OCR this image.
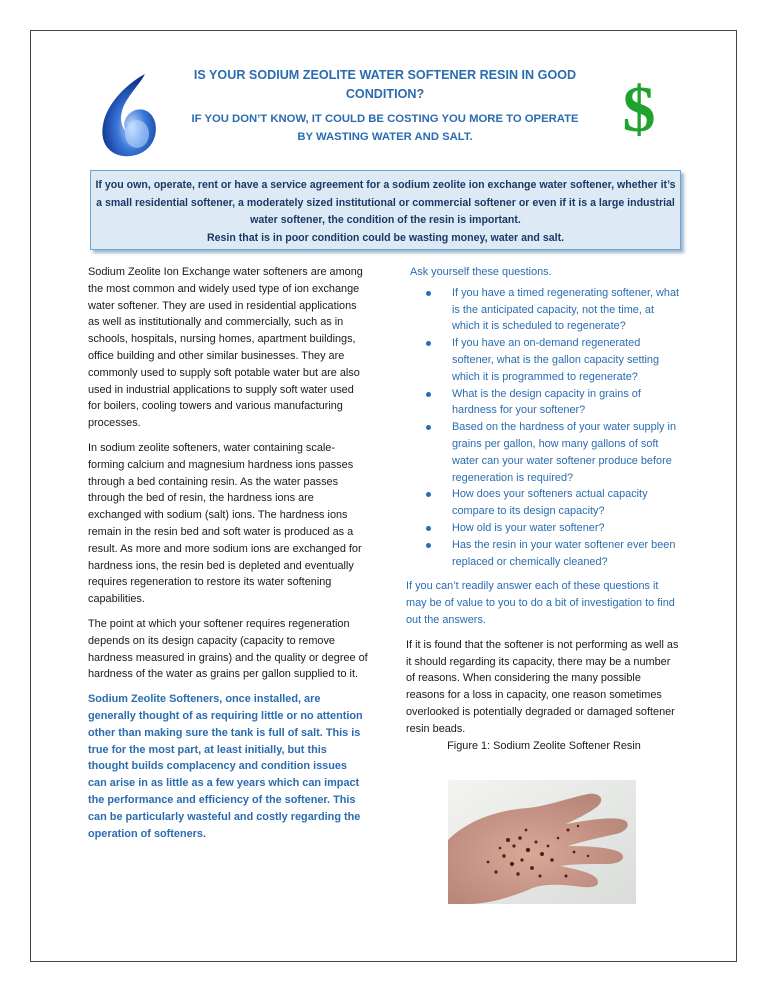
$
IS YOUR SODIUM ZEOLITE WATER SOFTENER RESIN IN GOOD CONDITION?
IF YOU DON’T KNOW, IT COULD BE COSTING YOU MORE TO OPERATE BY WASTING WATER AND SALT.

If you own, operate, rent or have a service agreement for a sodium zeolite ion exchange water softener, whether it’s a small residential softener, a moderately sized institutional or commercial softener or even if it is a large industrial water softener, the condition of the resin is important.

Resin that is in poor condition could be wasting money, water and salt.

Sodium Zeolite Ion Exchange water softeners are among the most common and widely used type of ion exchange water softener. They are used in residential applications as well as institutionally and commercially, such as in schools, hospitals, nursing homes, apartment buildings, office building and other similar businesses. They are commonly used to supply soft potable water but are also used in industrial applications to supply soft water used for boilers, cooling towers and various manufacturing processes.

In sodium zeolite softeners, water containing scale-forming calcium and magnesium hardness ions passes through a bed containing resin. As the water passes through the bed of resin, the hardness ions are exchanged with sodium (salt) ions. The hardness ions remain in the resin bed and soft water is produced as a result. As more and more sodium ions are exchanged for hardness ions, the resin bed is depleted and eventually requires regeneration to restore its water softening capabilities.

The point at which your softener requires regeneration depends on its design capacity (capacity to remove hardness measured in grains) and the quality or degree of hardness of the water as grains per gallon supplied to it.

Sodium Zeolite Softeners, once installed, are generally thought of as requiring little or no attention other than making sure the tank is full of salt. This is true for the most part, at least initially, but this thought builds complacency and condition issues can arise in as little as a few years which can impact the performance and efficiency of the softener. This can be particularly wasteful and costly regarding the operation of softeners.

Ask yourself these questions.

If you have a timed regenerating softener, what is the anticipated capacity, not the time, at which it is scheduled to regenerate?
If you have an on-demand regenerated softener, what is the gallon capacity setting which it is programmed to regenerate?
What is the design capacity in grains of hardness for your softener?
Based on the hardness of your water supply in grains per gallon, how many gallons of soft water can your water softener produce before regeneration is required?
How does your softeners actual capacity compare to its design capacity?
How old is your water softener?
Has the resin in your water softener ever been replaced or chemically cleaned?

If you can’t readily answer each of these questions it may be of value to you to do a bit of investigation to find out the answers.

If it is found that the softener is not performing as well as it should regarding its capacity, there may be a number of reasons. When considering the many possible reasons for a loss in capacity, one reason sometimes overlooked is potentially degraded or damaged softener resin beads.

Figure 1: Sodium Zeolite Softener Resin
